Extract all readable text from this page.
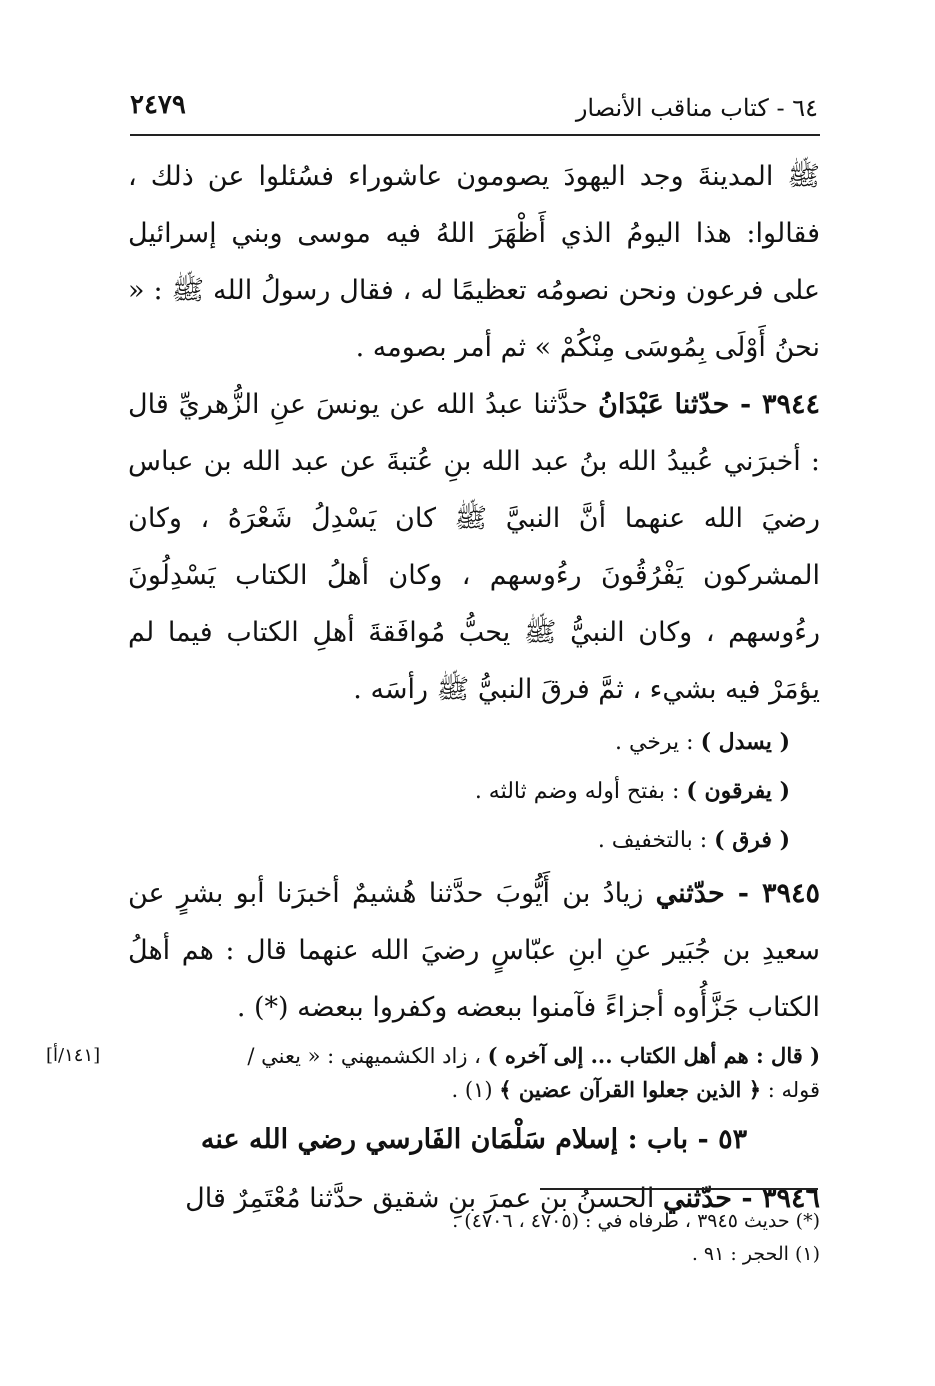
٦٤ - كتاب مناقب الأنصار
٢٤٧٩

ﷺ المدينةَ وجد اليهودَ يصومون عاشوراء فسُئلوا عن ذلك ، فقالوا: هذا اليومُ الذي أَظْهَرَ اللهُ فيه موسى وبني إسرائيل على فرعون ونحن نصومُه تعظيمًا له ، فقال رسولُ الله ﷺ : « نحنُ أَوْلَى بِمُوسَى مِنْكُمْ » ثم أمر بصومه .

٣٩٤٤ - حدّثنا عَبْدَانُ حدَّثنا عبدُ الله عن يونسَ عنِ الزُّهريِّ قال : أخبرَني عُبيدُ الله بنُ عبد الله بنِ عُتبةَ عن عبد الله بن عباس رضيَ الله عنهما أنَّ النبيَّ ﷺ كان يَسْدِلُ شَعْرَهُ ، وكان المشركون يَفْرُقُونَ رءُوسهم ، وكان أهلُ الكتاب يَسْدِلُونَ رءُوسهم ، وكان النبيُّ ﷺ يحبُّ مُوافَقةَ أهلِ الكتاب فيما لم يؤمَرْ فيه بشيء ، ثمَّ فرقَ النبيُّ ﷺ رأسَه .

( يسدل ) : يرخي .

( يفرقون ) : بفتح أوله وضم ثالثه .

( فرق ) : بالتخفيف .

٣٩٤٥ - حدّثني زيادُ بن أَيُّوبَ حدَّثنا هُشيمٌ أخبرَنا أبو بشرٍ عن سعيدِ بن جُبَير عنِ ابنِ عبّاسٍ رضيَ الله عنهما قال : هم أهلُ الكتاب جَزَّأُوه أجزاءً فآمنوا ببعضه وكفروا ببعضه (*) .

( قال : هم أهل الكتاب ... إلى آخره ) ، زاد الكشميهني : « يعني /
[١٤١/أ]

قوله : ﴿ الذين جعلوا القرآن عضين ﴾ (١) .

٥٣ - باب : إسلام سَلْمَان الفَارسي رضي الله عنه

٣٩٤٦ - حدّثني الحسنُ بن عمرَ بنِ شقيق حدَّثنا مُعْتَمِرٌ قال

(*) حديث ٣٩٤٥ ، طرفاه في : (٤٧٠٥ ، ٤٧٠٦) .
(١) الحجر : ٩١ .
